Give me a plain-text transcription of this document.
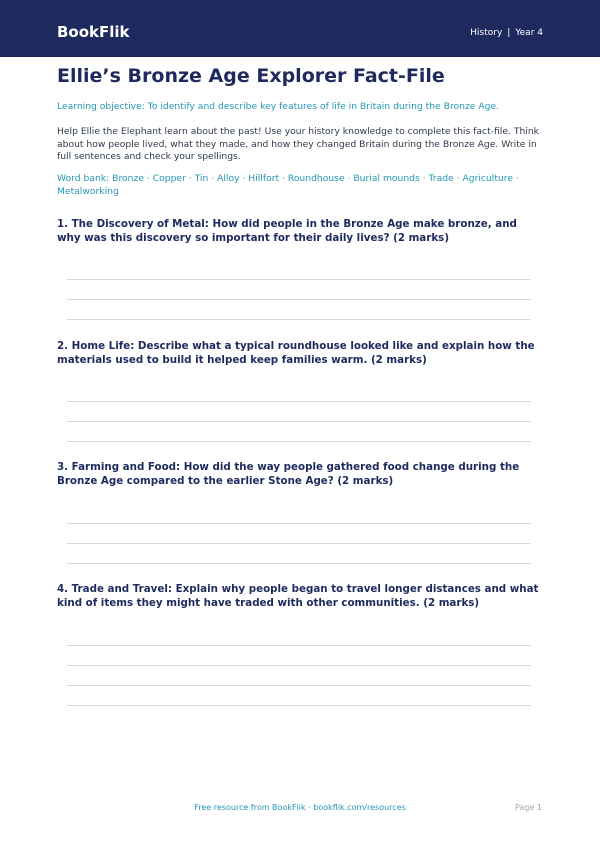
BookFlik	History | Year 4
Ellie’s Bronze Age Explorer Fact-File
Learning objective: To identify and describe key features of life in Britain during the Bronze Age.
Help Ellie the Elephant learn about the past! Use your history knowledge to complete this fact-file. Think about how people lived, what they made, and how they changed Britain during the Bronze Age. Write in full sentences and check your spellings.
Word bank: Bronze · Copper · Tin · Alloy · Hillfort · Roundhouse · Burial mounds · Trade · Agriculture · Metalworking
1. The Discovery of Metal: How did people in the Bronze Age make bronze, and why was this discovery so important for their daily lives? (2 marks)
2. Home Life: Describe what a typical roundhouse looked like and explain how the materials used to build it helped keep families warm. (2 marks)
3. Farming and Food: How did the way people gathered food change during the Bronze Age compared to the earlier Stone Age? (2 marks)
4. Trade and Travel: Explain why people began to travel longer distances and what kind of items they might have traded with other communities. (2 marks)
Free resource from BookFlik · bookflik.com/resources	Page 1
